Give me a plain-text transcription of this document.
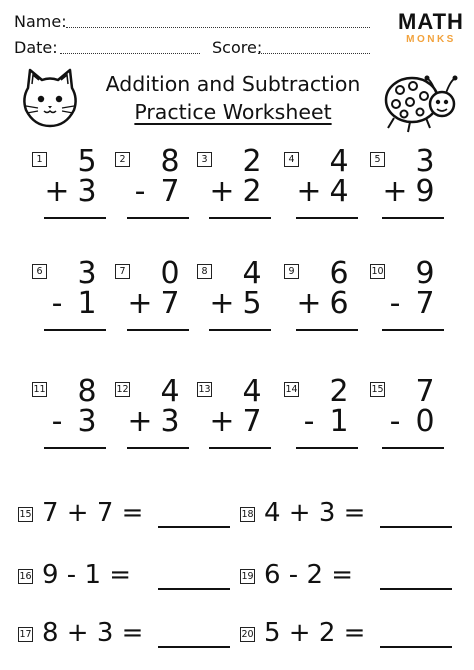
Name:
Date:	Score:
MATH
MONKS
Addition and Subtraction
Practice Worksheet
1 5
+ 3
2 8
- 7
3 2
+ 2
4 4
+ 4
5 3
+ 9
6 3
- 1
7 0
+ 7
8 4
+ 5
9 6
+ 6
10 9
- 7
11 8
- 3
12 4
+ 3
13 4
+ 7
14 2
- 1
15 7
- 0
15 7 + 7 =	18 4 + 3 =
16 9 - 1 =	19 6 - 2 =
17 8 + 3 =	20 5 + 2 =
